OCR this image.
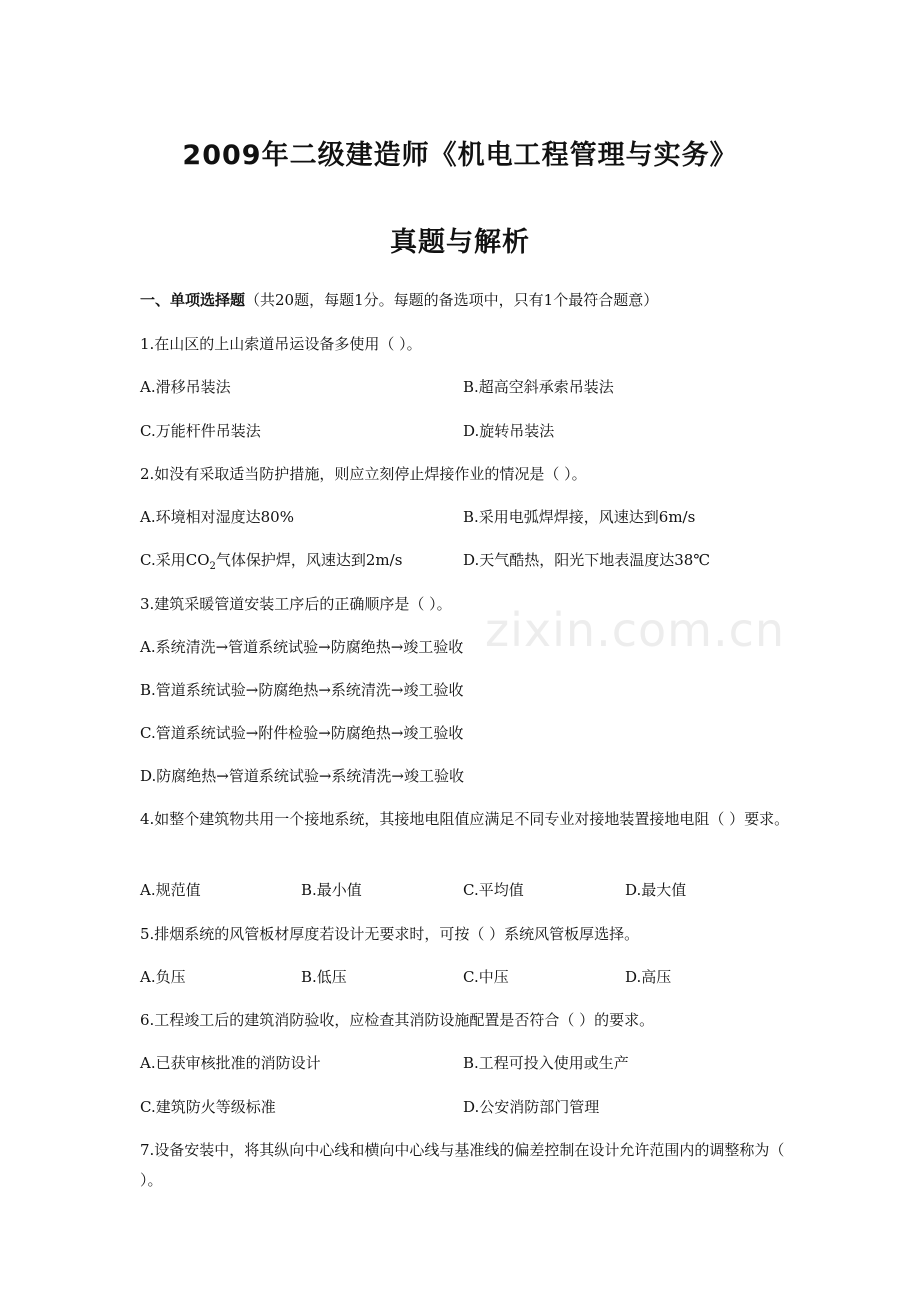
zixin.com.cn
2009年二级建造师《机电工程管理与实务》
真题与解析
一、单项选择题（共20题，每题1分。每题的备选项中，只有1个最符合题意）
1.在山区的上山索道吊运设备多使用（ ）。
A.滑移吊装法	B.超高空斜承索吊装法
C.万能杆件吊装法	D.旋转吊装法
2.如没有采取适当防护措施，则应立刻停止焊接作业的情况是（ ）。
A.环境相对湿度达80%	B.采用电弧焊焊接，风速达到6m/s
C.采用$CO_2$气体保护焊，风速达到2m/s	D.天气酷热，阳光下地表温度达38℃
3.建筑采暖管道安装工序后的正确顺序是（ ）。
A.系统清洗→管道系统试验→防腐绝热→竣工验收
B.管道系统试验→防腐绝热→系统清洗→竣工验收
C.管道系统试验→附件检验→防腐绝热→竣工验收
D.防腐绝热→管道系统试验→系统清洗→竣工验收
4.如整个建筑物共用一个接地系统，其接地电阻值应满足不同专业对接地装置接地电阻（ ）要求。
A.规范值	B.最小值	C.平均值	D.最大值
5.排烟系统的风管板材厚度若设计无要求时，可按（ ）系统风管板厚选择。
A.负压	B.低压	C.中压	D.高压
6.工程竣工后的建筑消防验收，应检查其消防设施配置是否符合（ ）的要求。
A.已获审核批准的消防设计	B.工程可投入使用或生产
C.建筑防火等级标准	D.公安消防部门管理
7.设备安装中，将其纵向中心线和横向中心线与基准线的偏差控制在设计允许范围内的调整称为（ ）。
